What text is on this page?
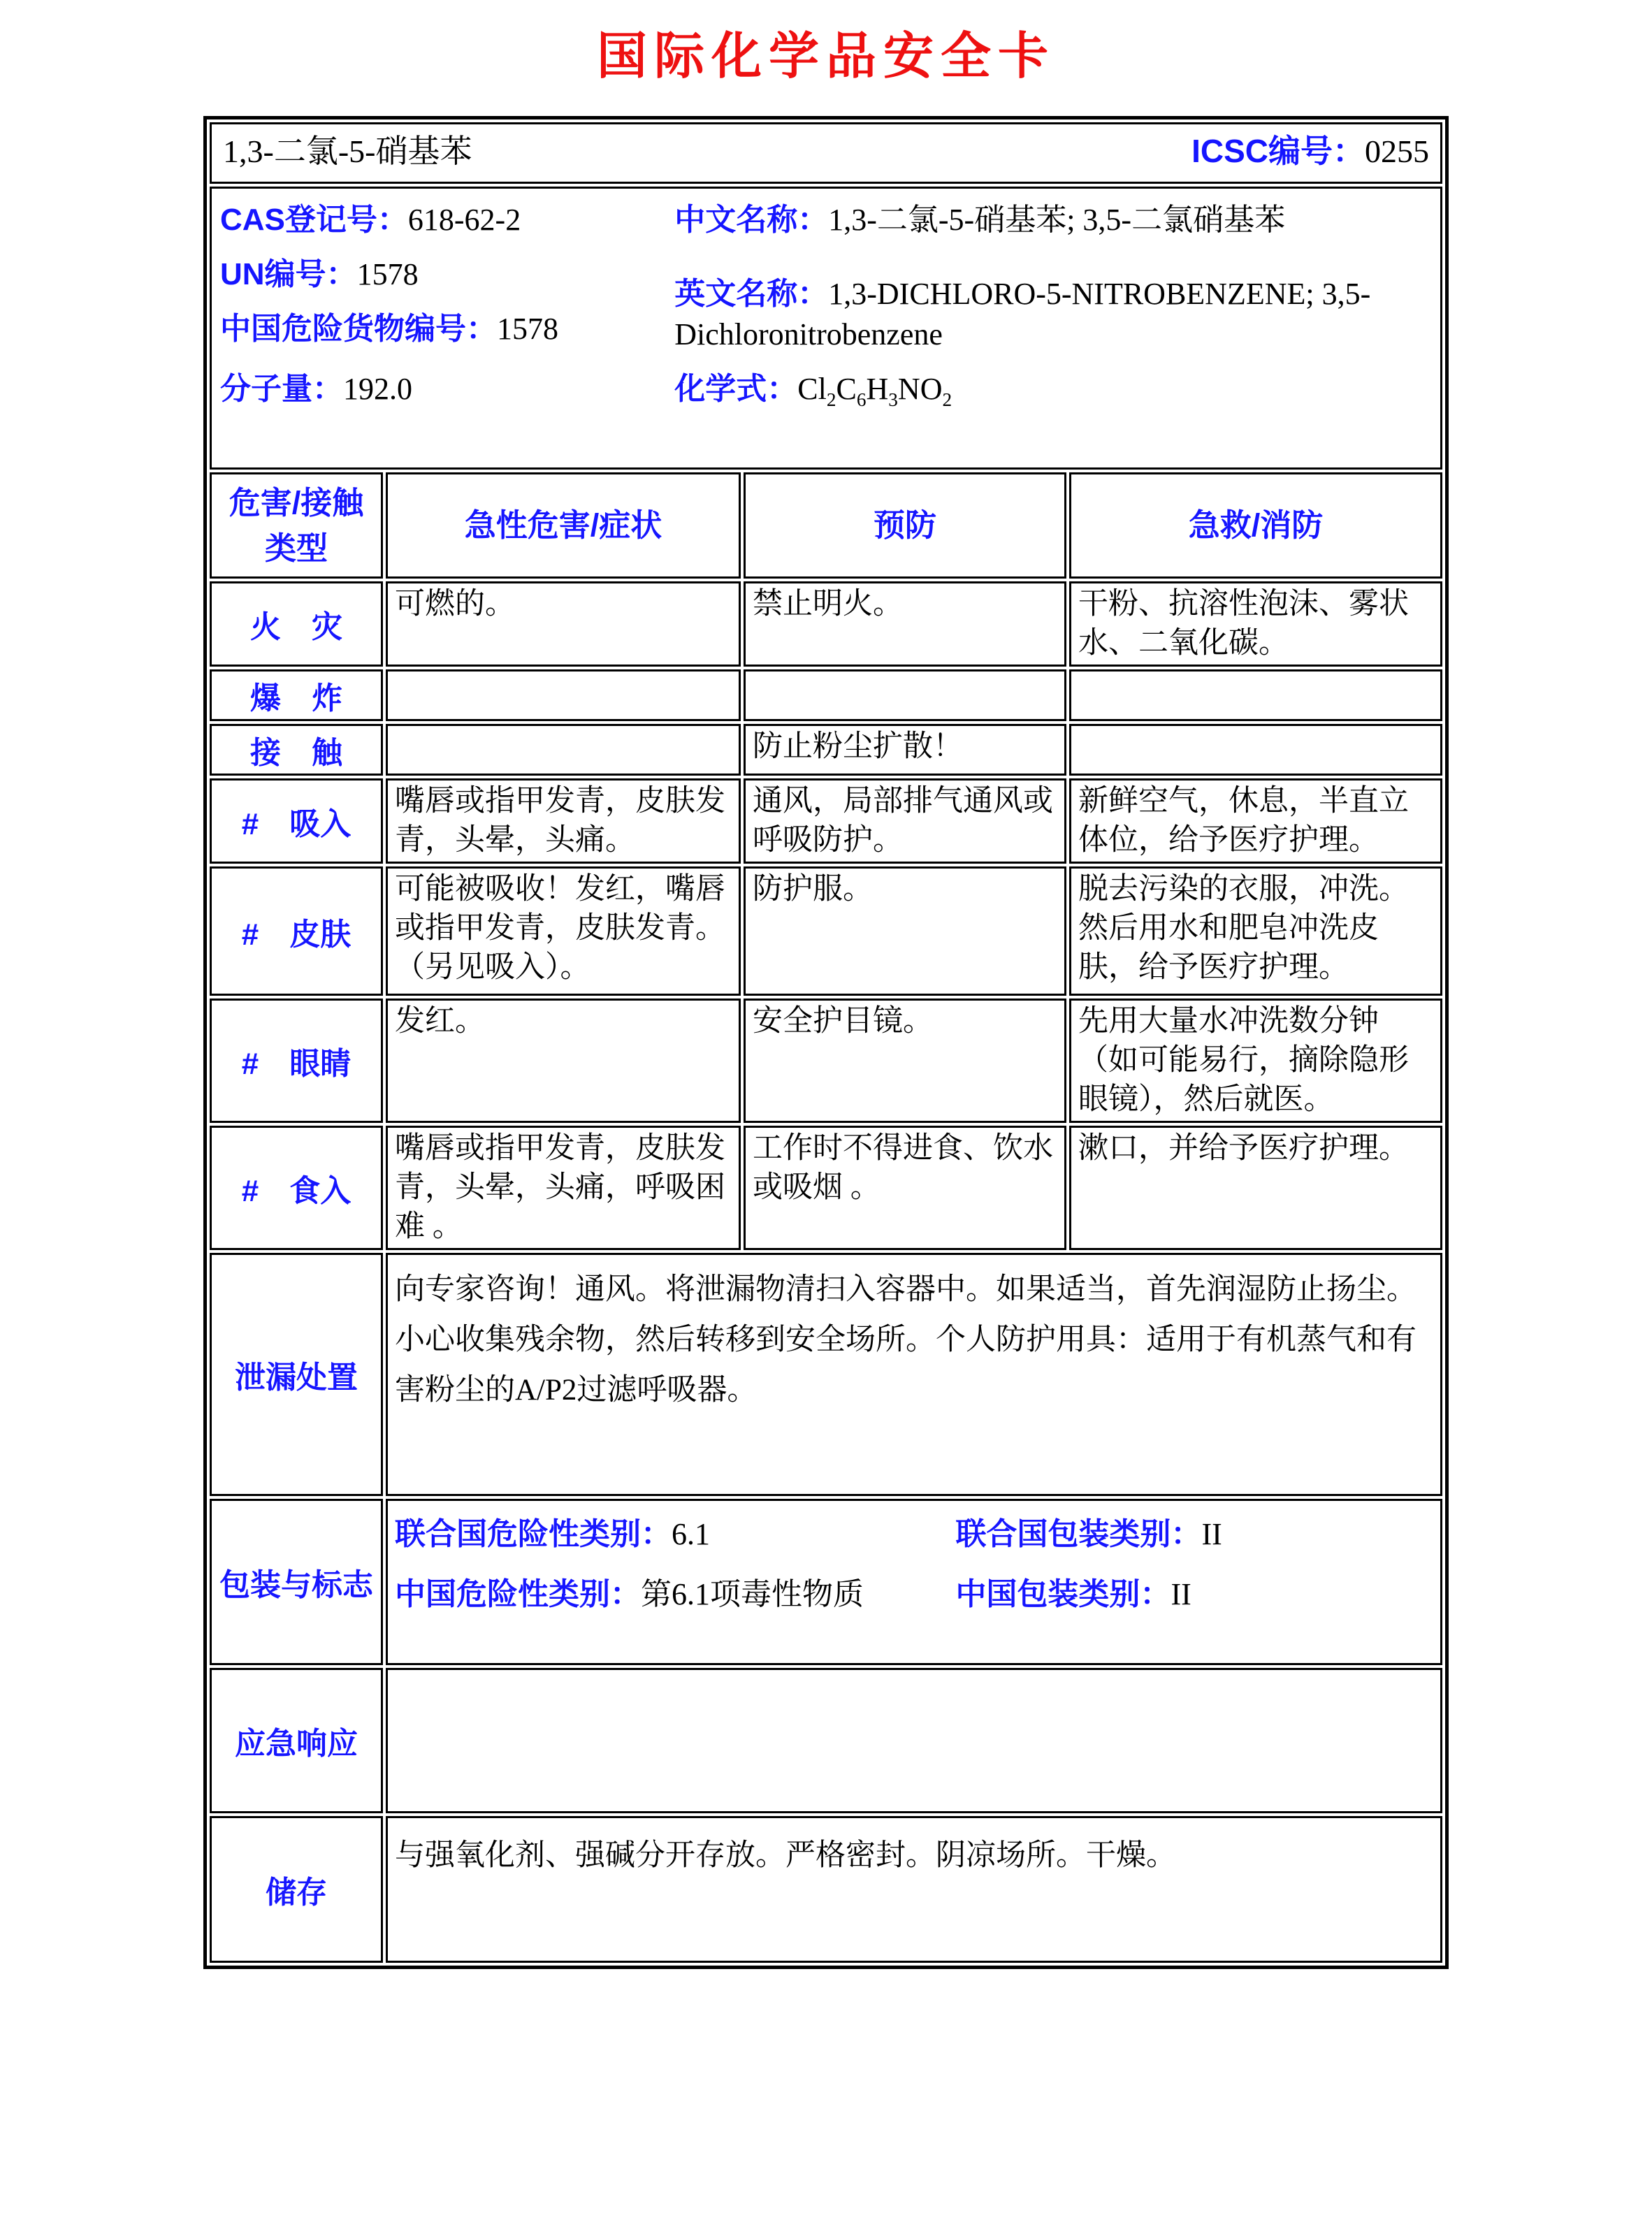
国际化学品安全卡
1,3-二氯-5-硝基苯 ICSC编号：0255			

CAS登记号：618-62-2
UN编号：1578
中国危险货物编号：1578
中文名称：1,3-二氯-5-硝基苯; 3,5-二氯硝基苯
英文名称：1,3-DICHLORO-5-NITROBENZENE; 3,5-Dichloronitrobenzene
分子量：192.0	化学式：$Cl_2C_6H_3NO_2$

危害/接触类型	急性危害/症状	预防	急救/消防
火　灾	可燃的。	禁止明火。	干粉、抗溶性泡沫、雾状水、二氧化碳。
爆　炸			
接　触		防止粉尘扩散！	
#　吸入	嘴唇或指甲发青，皮肤发青，头晕，头痛。	通风，局部排气通风或呼吸防护。	新鲜空气，休息，半直立体位，给予医疗护理。
#　皮肤	可能被吸收！发红，嘴唇或指甲发青，皮肤发青。（另见吸入）。	防护服。	脱去污染的衣服，冲洗。然后用水和肥皂冲洗皮肤，给予医疗护理。
#　眼睛	发红。	安全护目镜。	先用大量水冲洗数分钟（如可能易行，摘除隐形眼镜），然后就医。
#　食入	嘴唇或指甲发青，皮肤发青，头晕，头痛，呼吸困难 。	工作时不得进食、饮水或吸烟 。	漱口，并给予医疗护理。
泄漏处置	向专家咨询！通风。将泄漏物清扫入容器中。如果适当，首先润湿防止扬尘。小心收集残余物，然后转移到安全场所。个人防护用具：适用于有机蒸气和有害粉尘的A/P2过滤呼吸器。		
包装与标志	联合国危险性类别：6.1 联合国包装类别：II
中国危险性类别：第6.1项毒性物质 中国包装类别：II		

应急响应			
储存	与强氧化剂、强碱分开存放。严格密封。阴凉场所。干燥。		
